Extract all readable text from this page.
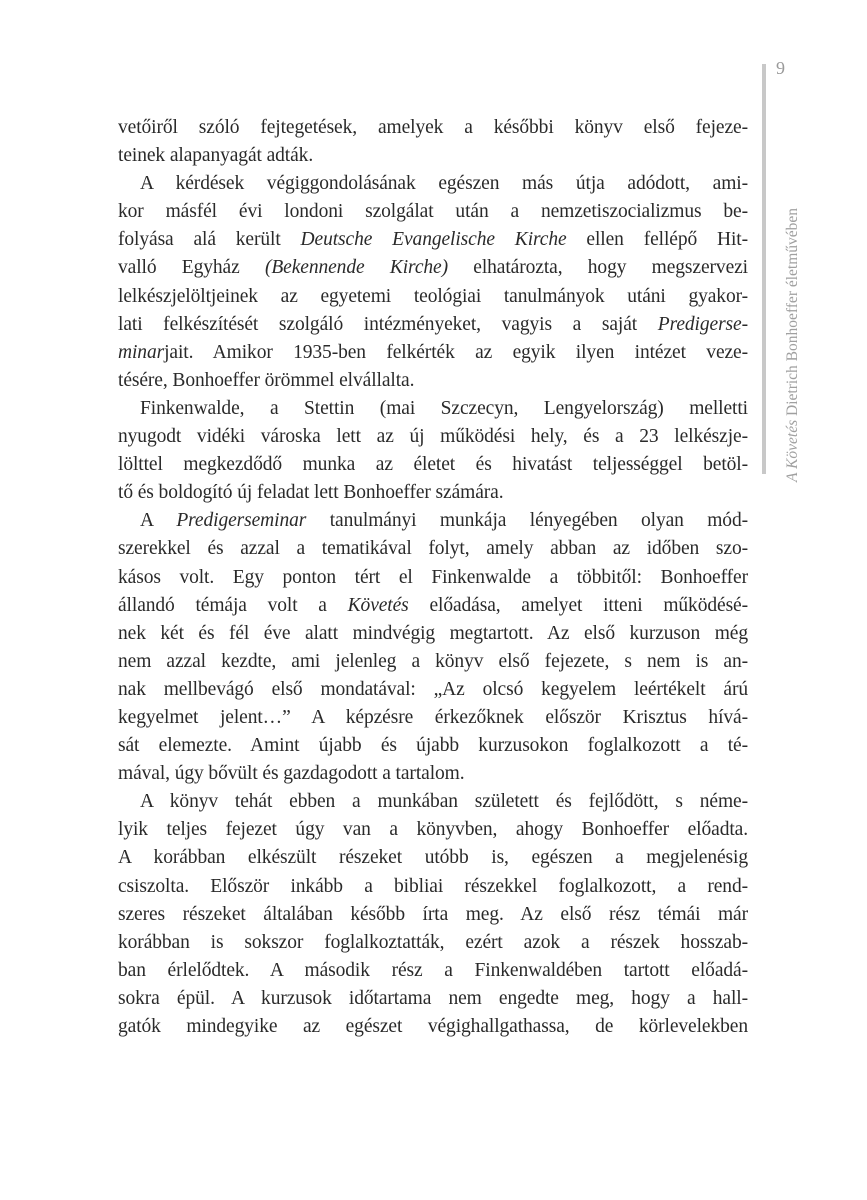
9
A Követés Dietrich Bonhoeffer életművében
vetőiről szóló fejtegetések, amelyek a későbbi könyv első fejeze-
teinek alapanyagát adták.
A kérdések végiggondolásának egészen más útja adódott, ami-
kor másfél évi londoni szolgálat után a nemzetiszocializmus be-
folyása alá került Deutsche Evangelische Kirche ellen fellépő Hit-
valló Egyház (Bekennende Kirche) elhatározta, hogy megszervezi
lelkészjelöltjeinek az egyetemi teológiai tanulmányok utáni gyakor-
lati felkészítését szolgáló intézményeket, vagyis a saját Predigerse-
minarjait. Amikor 1935-ben felkérték az egyik ilyen intézet veze-
tésére, Bonhoeffer örömmel elvállalta.
Finkenwalde, a Stettin (mai Szczecyn, Lengyelország) melletti
nyugodt vidéki városka lett az új működési hely, és a 23 lelkészje-
lölttel megkezdődő munka az életet és hivatást teljességgel betöl-
tő és boldogító új feladat lett Bonhoeffer számára.
A Predigerseminar tanulmányi munkája lényegében olyan mód-
szerekkel és azzal a tematikával folyt, amely abban az időben szo-
kásos volt. Egy ponton tért el Finkenwalde a többitől: Bonhoeffer
állandó témája volt a Követés előadása, amelyet itteni működésé-
nek két és fél éve alatt mindvégig megtartott. Az első kurzuson még
nem azzal kezdte, ami jelenleg a könyv első fejezete, s nem is an-
nak mellbevágó első mondatával: „Az olcsó kegyelem leértékelt árú
kegyelmet jelent…” A képzésre érkezőknek először Krisztus hívá-
sát elemezte. Amint újabb és újabb kurzusokon foglalkozott a té-
mával, úgy bővült és gazdagodott a tartalom.
A könyv tehát ebben a munkában született és fejlődött, s néme-
lyik teljes fejezet úgy van a könyvben, ahogy Bonhoeffer előadta.
A korábban elkészült részeket utóbb is, egészen a megjelenésig
csiszolta. Először inkább a bibliai részekkel foglalkozott, a rend-
szeres részeket általában később írta meg. Az első rész témái már
korábban is sokszor foglalkoztatták, ezért azok a részek hosszab-
ban érlelődtek. A második rész a Finkenwaldében tartott előadá-
sokra épül. A kurzusok időtartama nem engedte meg, hogy a hall-
gatók mindegyike az egészet végighallgathassa, de körlevelekben
